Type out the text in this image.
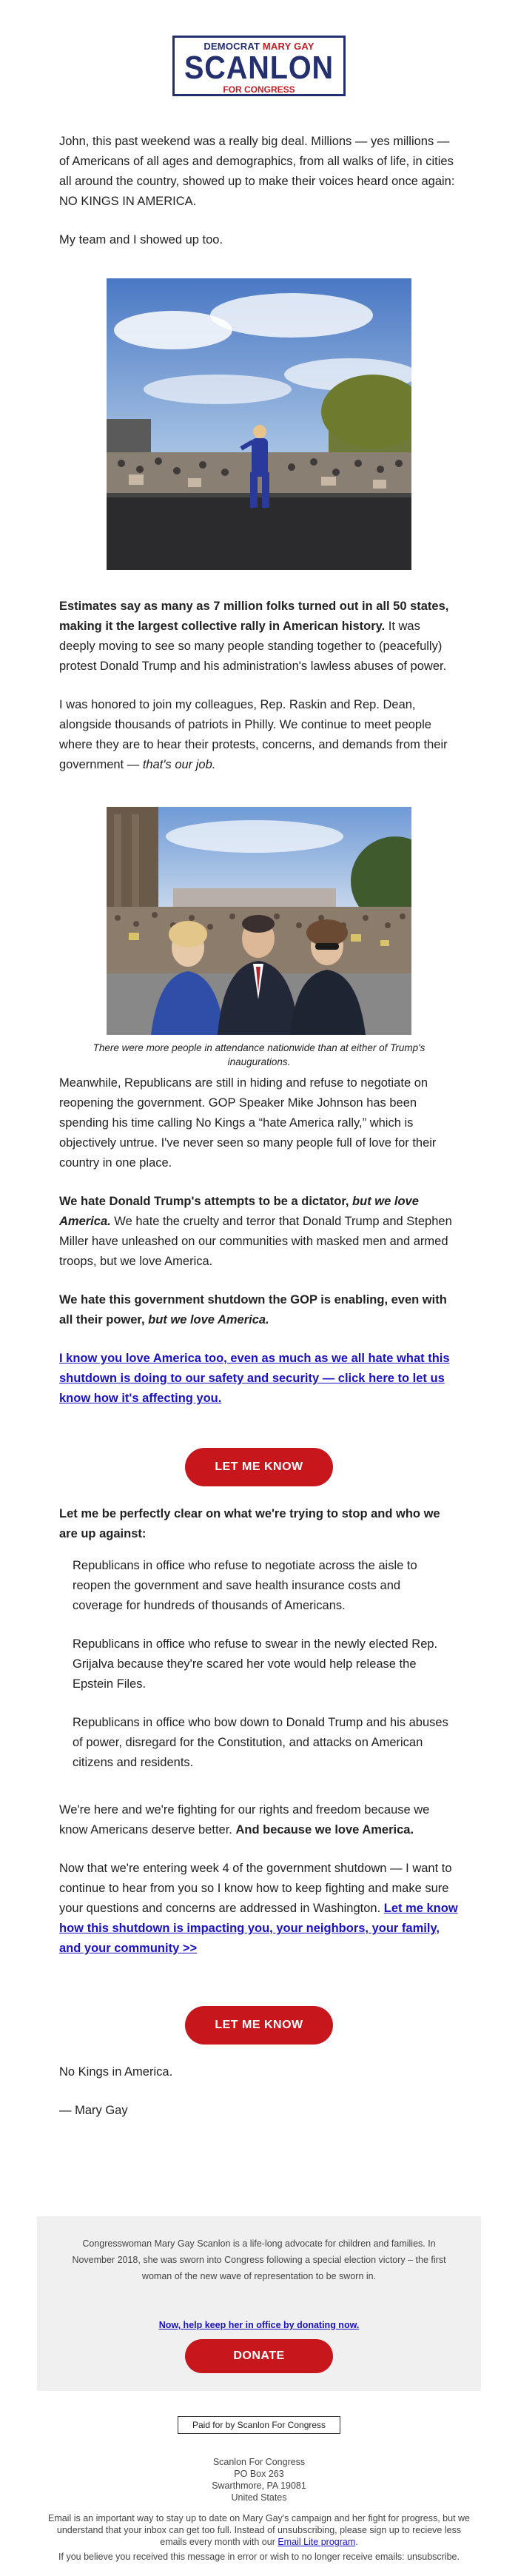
DEMOCRAT MARY GAY
SCANLON
FOR CONGRESS

John, this past weekend was a really big deal. Millions — yes millions — of Americans of all ages and demographics, from all walks of life, in cities all around the country, showed up to make their voices heard once again: NO KINGS IN AMERICA.

My team and I showed up too.

Estimates say as many as 7 million folks turned out in all 50 states, making it the largest collective rally in American history. It was deeply moving to see so many people standing together to (peacefully) protest Donald Trump and his administration's lawless abuses of power.

I was honored to join my colleagues, Rep. Raskin and Rep. Dean, alongside thousands of patriots in Philly. We continue to meet people where they are to hear their protests, concerns, and demands from their government — that's our job.

There were more people in attendance nationwide than at either of Trump's inaugurations.

Meanwhile, Republicans are still in hiding and refuse to negotiate on reopening the government. GOP Speaker Mike Johnson has been spending his time calling No Kings a “hate America rally,” which is objectively untrue. I've never seen so many people full of love for their country in one place.

We hate Donald Trump's attempts to be a dictator, but we love America. We hate the cruelty and terror that Donald Trump and Stephen Miller have unleashed on our communities with masked men and armed troops, but we love America.

We hate this government shutdown the GOP is enabling, even with all their power, but we love America.

I know you love America too, even as much as we all hate what this shutdown is doing to our safety and security — click here to let us know how it's affecting you.

LET ME KNOW

Let me be perfectly clear on what we're trying to stop and who we are up against:

Republicans in office who refuse to negotiate across the aisle to reopen the government and save health insurance costs and coverage for hundreds of thousands of Americans.

Republicans in office who refuse to swear in the newly elected Rep. Grijalva because they're scared her vote would help release the Epstein Files.

Republicans in office who bow down to Donald Trump and his abuses of power, disregard for the Constitution, and attacks on American citizens and residents.

We're here and we're fighting for our rights and freedom because we know Americans deserve better. And because we love America.

Now that we're entering week 4 of the government shutdown — I want to continue to hear from you so I know how to keep fighting and make sure your questions and concerns are addressed in Washington. Let me know how this shutdown is impacting you, your neighbors, your family, and your community >>

LET ME KNOW

No Kings in America.

— Mary Gay

Congresswoman Mary Gay Scanlon is a life-long advocate for children and families. In November 2018, she was sworn into Congress following a special election victory – the first woman of the new wave of representation to be sworn in.
Now, help keep her in office by donating now.
DONATE
Paid for by Scanlon For Congress
Scanlon For Congress
PO Box 263
Swarthmore, PA 19081
United States
Email is an important way to stay up to date on Mary Gay's campaign and her fight for progress, but we understand that your inbox can get too full. Instead of unsubscribing, please sign up to recieve less emails every month with our Email Lite program.
If you believe you received this message in error or wish to no longer receive emails: unsubscribe.
